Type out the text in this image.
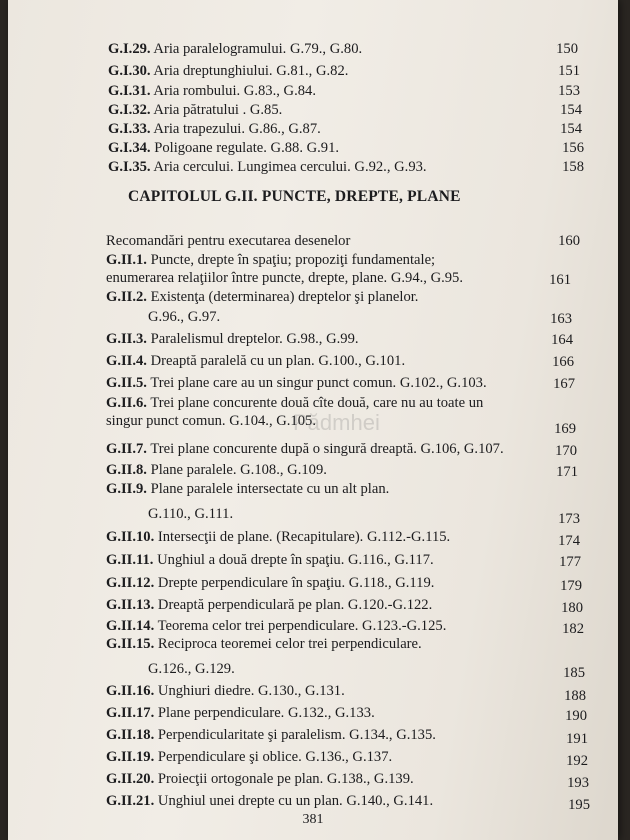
G.I.29. Aria paralelogramului. G.79., G.80.	150
G.I.30. Aria dreptunghiului. G.81., G.82.	151
G.I.31. Aria rombului. G.83., G.84.	153
G.I.32. Aria pătratului . G.85.	154
G.I.33. Aria trapezului. G.86., G.87.	154
G.I.34. Poligoane regulate. G.88. G.91.	156
G.I.35. Aria cercului. Lungimea cercului. G.92., G.93.	158
CAPITOLUL G.II. PUNCTE, DREPTE, PLANE
Recomandări pentru executarea desenelor	160
G.II.1. Puncte, drepte în spaţiu; propoziţi fundamentale;
enumerarea relaţiilor între puncte, drepte, plane. G.94., G.95.	161
G.II.2. Existenţa (determinarea) dreptelor şi planelor.
G.96., G.97.	163
G.II.3. Paralelismul dreptelor. G.98., G.99.	164
G.II.4. Dreaptă paralelă cu un plan. G.100., G.101.	166
G.II.5. Trei plane care au un singur punct comun. G.102., G.103.	167
G.II.6. Trei plane concurente două cîte două, care nu au toate un
singur punct comun. G.104., G.105.	169
G.II.7. Trei plane concurente după o singură dreaptă. G.106, G.107.	170
G.II.8. Plane paralele. G.108., G.109.	171
G.II.9. Plane paralele intersectate cu un alt plan.
G.110., G.111.	173
G.II.10. Intersecţii de plane. (Recapitulare). G.112.-G.115.	174
G.II.11. Unghiul a două drepte în spaţiu. G.116., G.117.	177
G.II.12. Drepte perpendiculare în spaţiu. G.118., G.119.	179
G.II.13. Dreaptă perpendiculară pe plan. G.120.-G.122.	180
G.II.14. Teorema celor trei perpendiculare. G.123.-G.125.	182
G.II.15. Reciproca teoremei celor trei perpendiculare.
G.126., G.129.	185
G.II.16. Unghiuri diedre. G.130., G.131.	188
G.II.17. Plane perpendiculare. G.132., G.133.	190
G.II.18. Perpendicularitate şi paralelism. G.134., G.135.	191
G.II.19. Perpendiculare şi oblice. G.136., G.137.	192
G.II.20. Proiecţii ortogonale pe plan. G.138., G.139.	193
G.II.21. Unghiul unei drepte cu un plan. G.140., G.141.	195
Pădmhei
381
